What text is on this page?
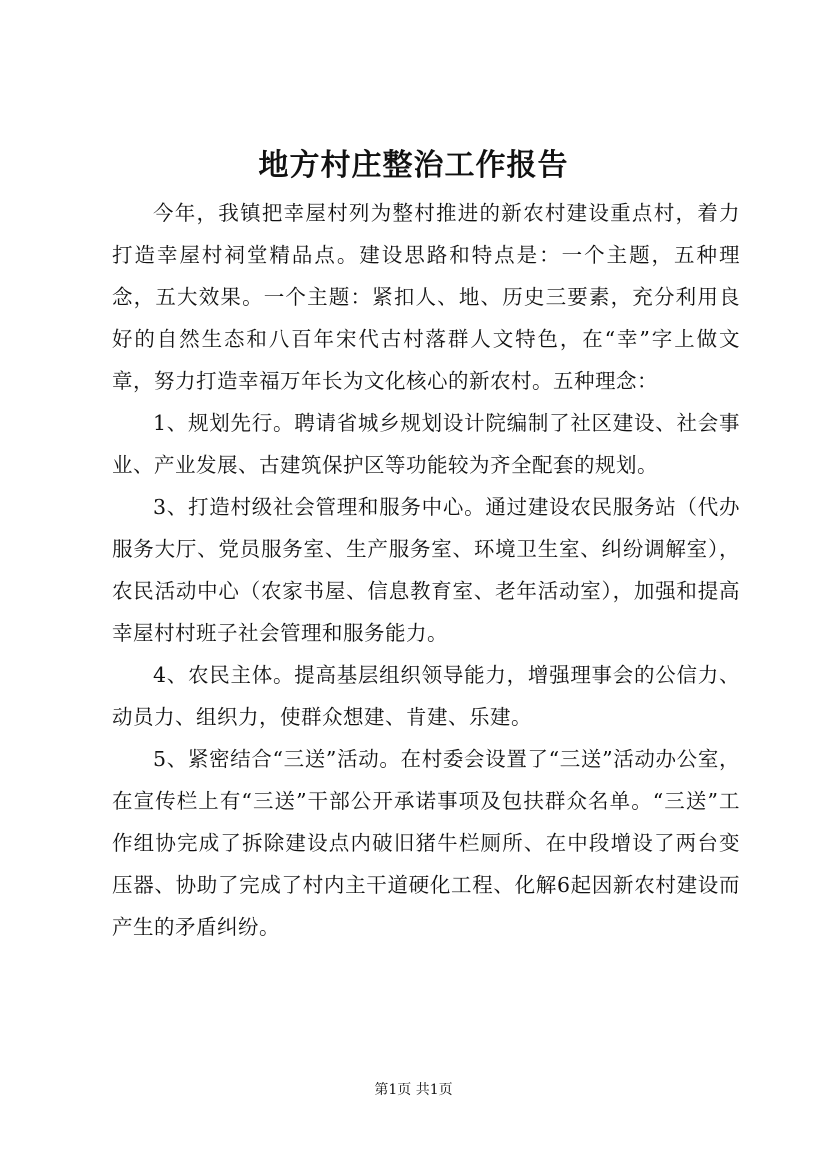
地方村庄整治工作报告

今年，我镇把幸屋村列为整村推进的新农村建设重点村，着力打造幸屋村祠堂精品点。建设思路和特点是：一个主题，五种理念，五大效果。一个主题：紧扣人、地、历史三要素，充分利用良好的自然生态和八百年宋代古村落群人文特色，在“幸”字上做文章，努力打造幸福万年长为文化核心的新农村。五种理念：

1、规划先行。聘请省城乡规划设计院编制了社区建设、社会事业、产业发展、古建筑保护区等功能较为齐全配套的规划。

3、打造村级社会管理和服务中心。通过建设农民服务站（代办服务大厅、党员服务室、生产服务室、环境卫生室、纠纷调解室），农民活动中心（农家书屋、信息教育室、老年活动室），加强和提高幸屋村村班子社会管理和服务能力。

4、农民主体。提高基层组织领导能力，增强理事会的公信力、动员力、组织力，使群众想建、肯建、乐建。

5、紧密结合“三送”活动。在村委会设置了“三送”活动办公室，在宣传栏上有“三送”干部公开承诺事项及包扶群众名单。“三送”工作组协完成了拆除建设点内破旧猪牛栏厕所、在中段增设了两台变压器、协助了完成了村内主干道硬化工程、化解6起因新农村建设而产生的矛盾纠纷。

第1页 共1页
